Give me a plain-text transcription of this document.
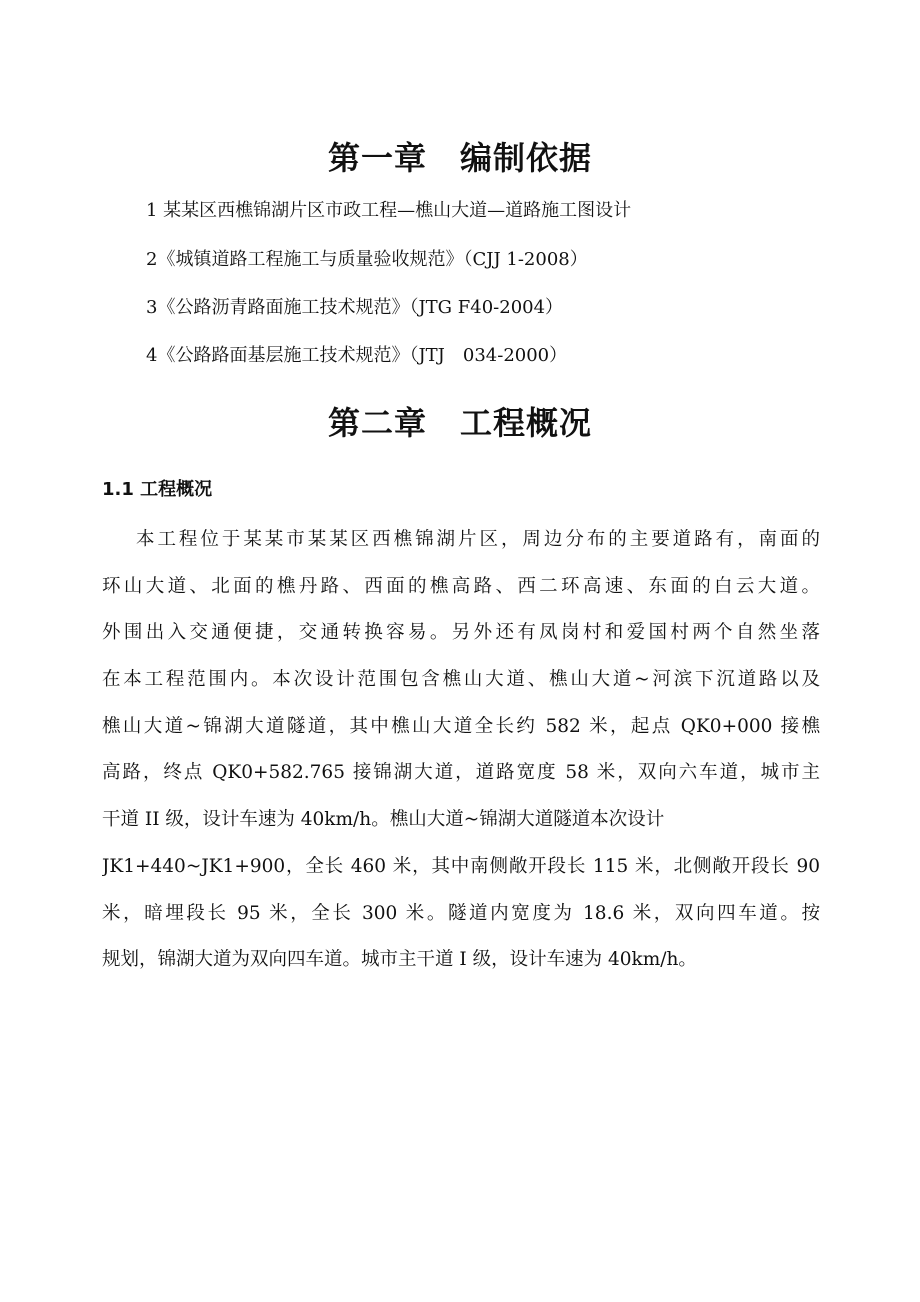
第一章　编制依据

1 某某区西樵锦湖片区市政工程—樵山大道—道路施工图设计

2《城镇道路工程施工与质量验收规范》（CJJ 1-2008）

3《公路沥青路面施工技术规范》（JTG F40-2004）

4《公路路面基层施工技术规范》（JTJ　034-2000）

第二章　工程概况
1.1 工程概况
本工程位于某某市某某区西樵锦湖片区，周边分布的主要道路有，南面的
环山大道、北面的樵丹路、西面的樵高路、西二环高速、东面的白云大道。
外围出入交通便捷，交通转换容易。另外还有凤岗村和爱国村两个自然坐落
在本工程范围内。本次设计范围包含樵山大道、樵山大道~河滨下沉道路以及
樵山大道~锦湖大道隧道，其中樵山大道全长约 582 米，起点 QK0+000 接樵
高路，终点 QK0+582.765 接锦湖大道，道路宽度 58 米，双向六车道，城市主
干道 II 级，设计车速为 40km/h。樵山大道~锦湖大道隧道本次设计
JK1+440~JK1+900，全长 460 米，其中南侧敞开段长 115 米，北侧敞开段长 90
米，暗埋段长 95 米，全长 300 米。隧道内宽度为 18.6 米，双向四车道。按
规划，锦湖大道为双向四车道。城市主干道 I 级，设计车速为 40km/h。
